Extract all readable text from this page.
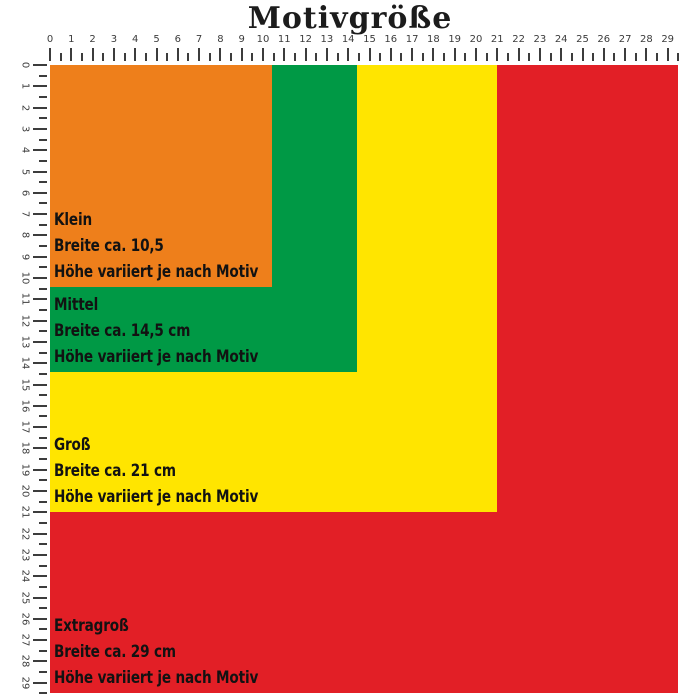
Motivgröße
Extragroß
Breite ca. 29 cm
Höhe variiert je nach Motiv
Groß
Breite ca. 21 cm
Höhe variiert je nach Motiv
Mittel
Breite ca. 14,5 cm
Höhe variiert je nach Motiv
Klein
Breite ca. 10,5
Höhe variiert je nach Motiv
0 1 2 3 4 5 6 7 8 9 10 11 12 13 14 15 16 17 18 19 20 21 22 23 24 25 26 27 28 29
0
1
2
3
4
5
6
7
8
9
10
11
12
13
14
15
16
17
18
19
20
21
22
23
24
25
26
27
28
29
